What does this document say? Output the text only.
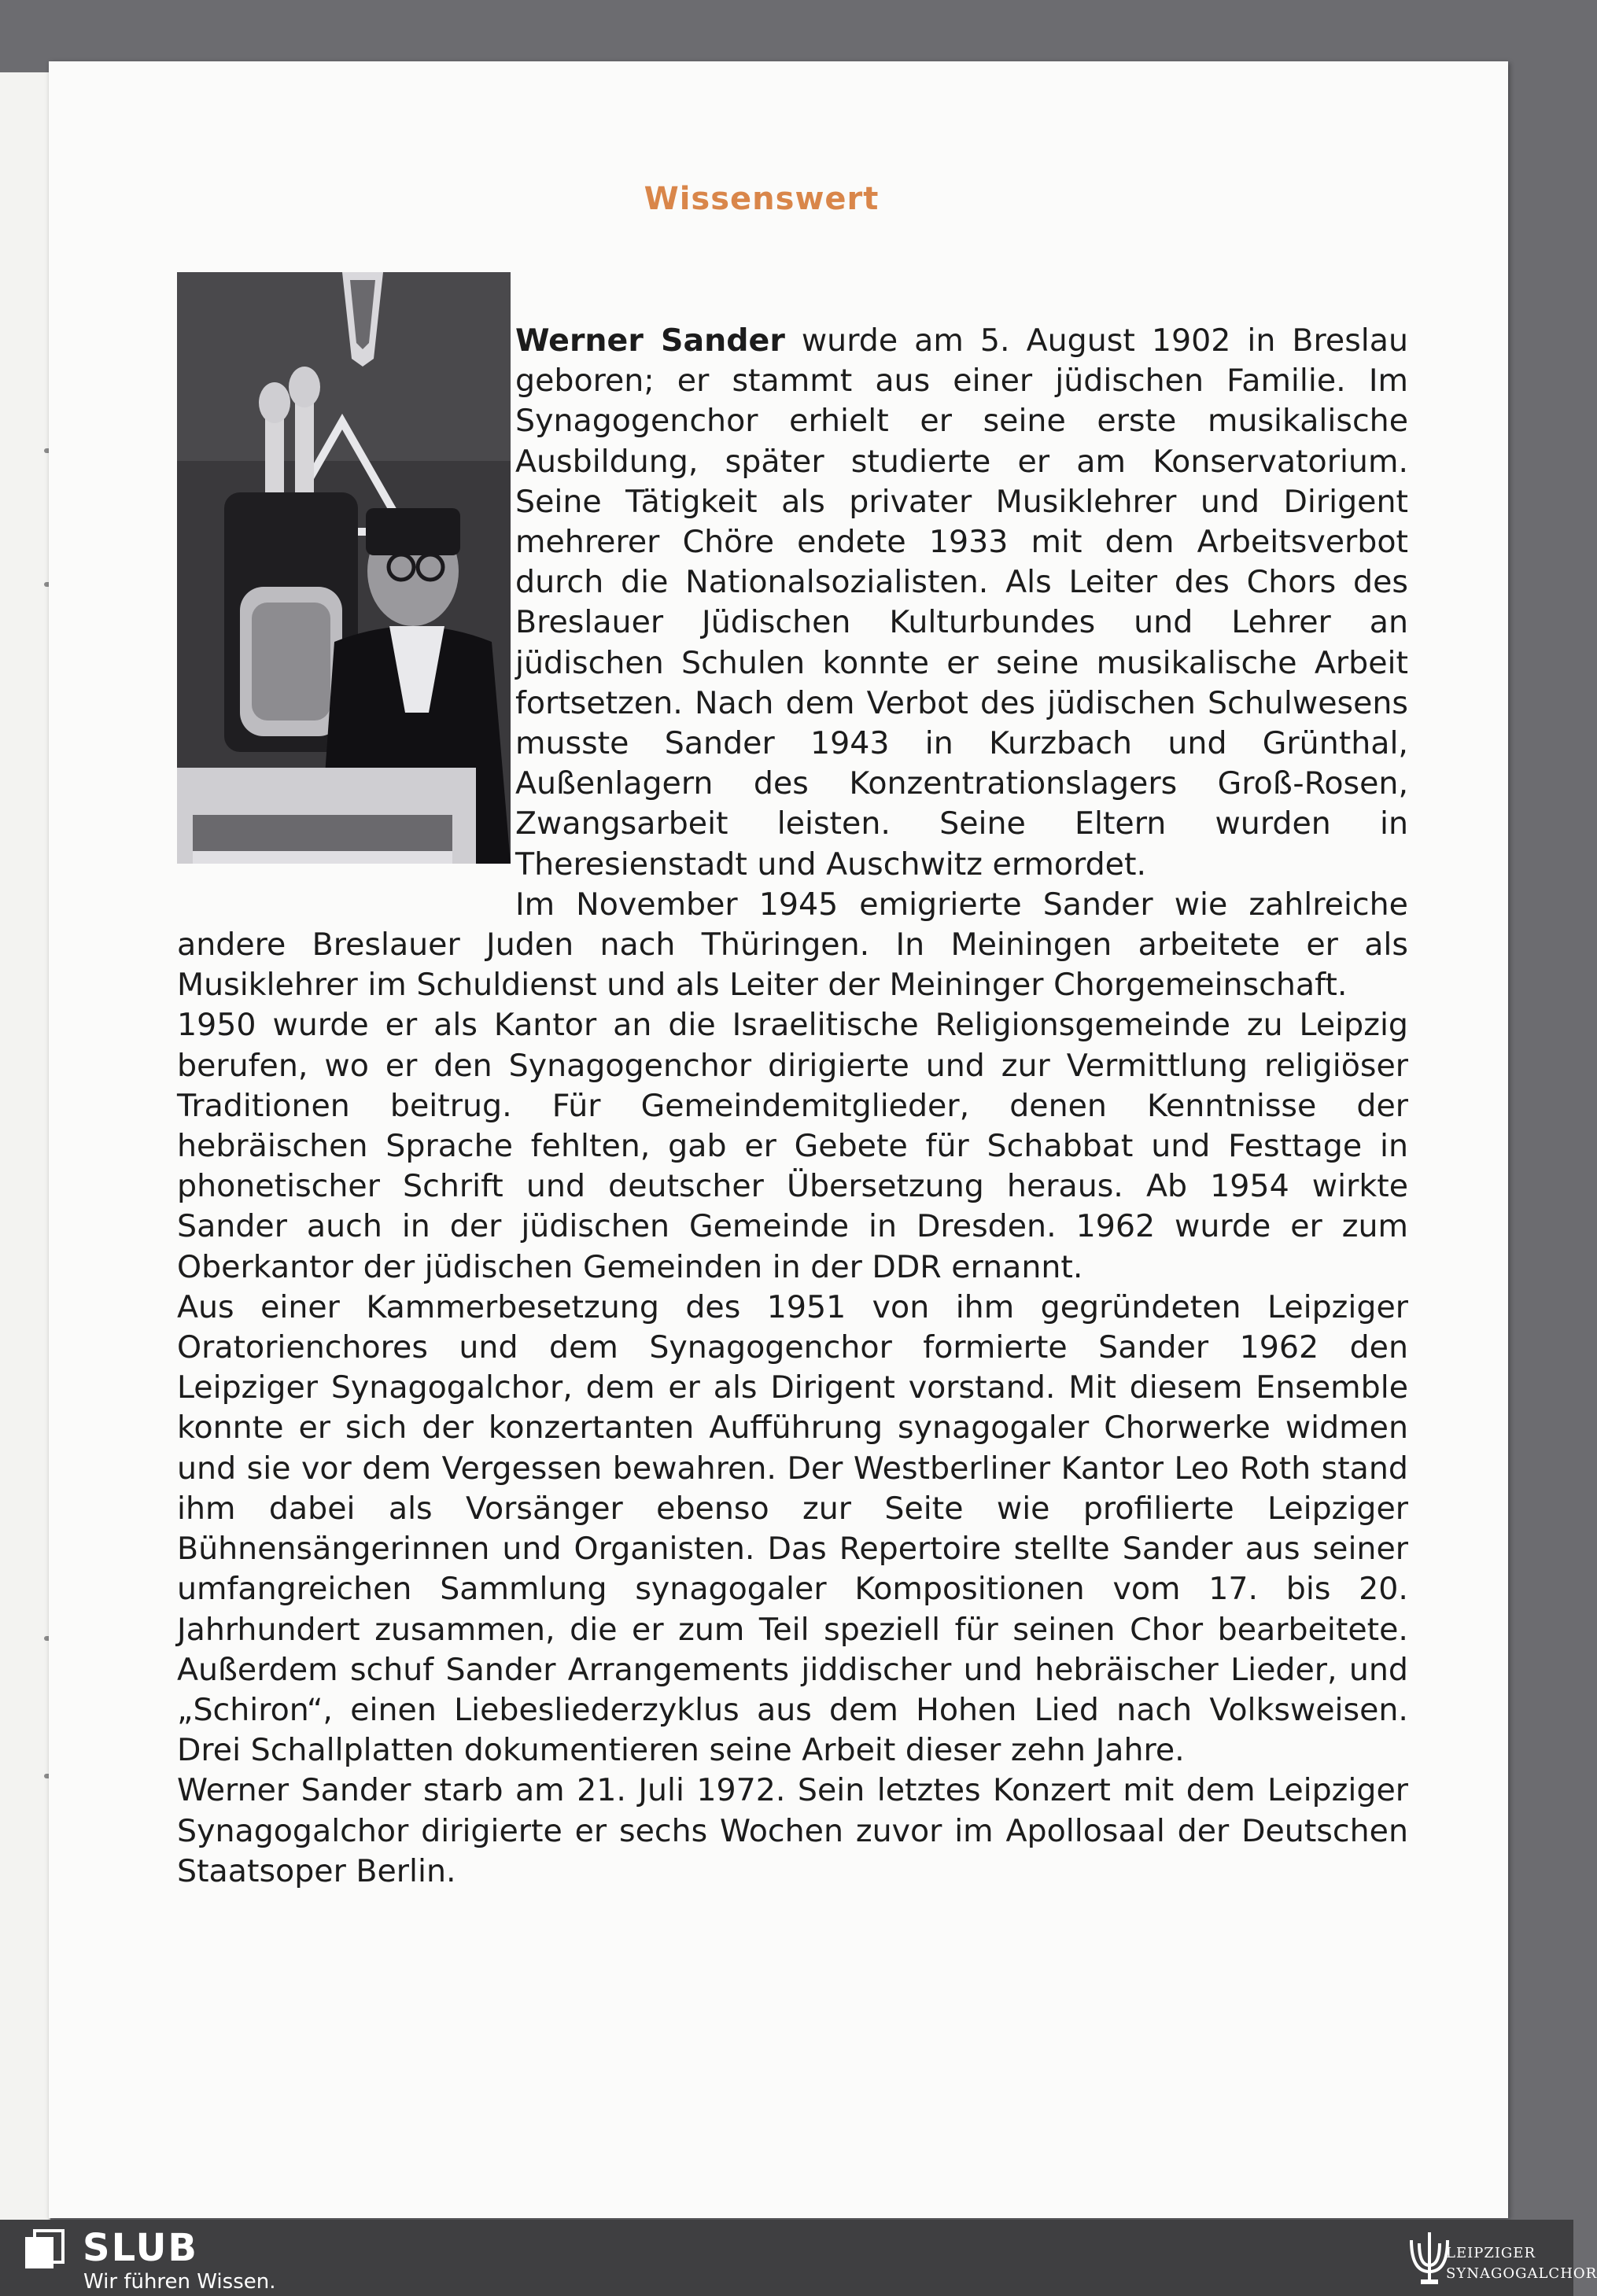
Wissenswert

Werner Sander wurde am 5. August 1902 in Breslau geboren; er stammt aus einer jüdischen Familie. Im Synagogenchor erhielt er seine erste musikalische Ausbildung, später studierte er am Konservatorium. Seine Tätigkeit als privater Musiklehrer und Dirigent mehrerer Chöre endete 1933 mit dem Arbeitsverbot durch die Nationalsozialisten. Als Leiter des Chors des Breslauer Jüdischen Kulturbundes und Lehrer an jüdischen Schulen konnte er seine musikalische Arbeit fortsetzen. Nach dem Verbot des jüdischen Schulwesens musste Sander 1943 in Kurzbach und Grünthal, Außenlagern des Konzentrationslagers Groß-Rosen, Zwangsarbeit leisten. Seine Eltern wurden in Theresienstadt und Auschwitz ermordet.

Im November 1945 emigrierte Sander wie zahlreiche andere Breslauer Juden nach Thüringen. In Meiningen arbeitete er als Musiklehrer im Schuldienst und als Leiter der Meininger Chorgemeinschaft.

1950 wurde er als Kantor an die Israelitische Religionsgemeinde zu Leipzig berufen, wo er den Synagogenchor dirigierte und zur Vermittlung religiöser Traditionen beitrug. Für Gemeindemitglieder, denen Kenntnisse der hebräischen Sprache fehlten, gab er Gebete für Schabbat und Festtage in phonetischer Schrift und deutscher Übersetzung heraus. Ab 1954 wirkte Sander auch in der jüdischen Gemeinde in Dresden. 1962 wurde er zum Oberkantor der jüdischen Gemeinden in der DDR ernannt.

Aus einer Kammerbesetzung des 1951 von ihm gegründeten Leipziger Oratorienchores und dem Synagogenchor formierte Sander 1962 den Leipziger Synagogalchor, dem er als Dirigent vorstand. Mit diesem Ensemble konnte er sich der konzertanten Aufführung synagogaler Chorwerke widmen und sie vor dem Vergessen bewahren. Der Westberliner Kantor Leo Roth stand ihm dabei als Vorsänger ebenso zur Seite wie profilierte Leipziger Bühnensängerinnen und Organisten. Das Repertoire stellte Sander aus seiner umfangreichen Sammlung synagogaler Kompositionen vom 17. bis 20. Jahrhundert zusammen, die er zum Teil speziell für seinen Chor bearbeitete. Außerdem schuf Sander Arrangements jiddischer und hebräischer Lieder, und „Schiron“, einen Liebesliederzyklus aus dem Hohen Lied nach Volksweisen. Drei Schallplatten dokumentieren seine Arbeit dieser zehn Jahre.

Werner Sander starb am 21. Juli 1972. Sein letztes Konzert mit dem Leipziger Synagogalchor dirigierte er sechs Wochen zuvor im Apollosaal der Deutschen Staatsoper Berlin.

SLUB
Wir führen Wissen.
LEIPZIGER
SYNAGOGALCHOR
